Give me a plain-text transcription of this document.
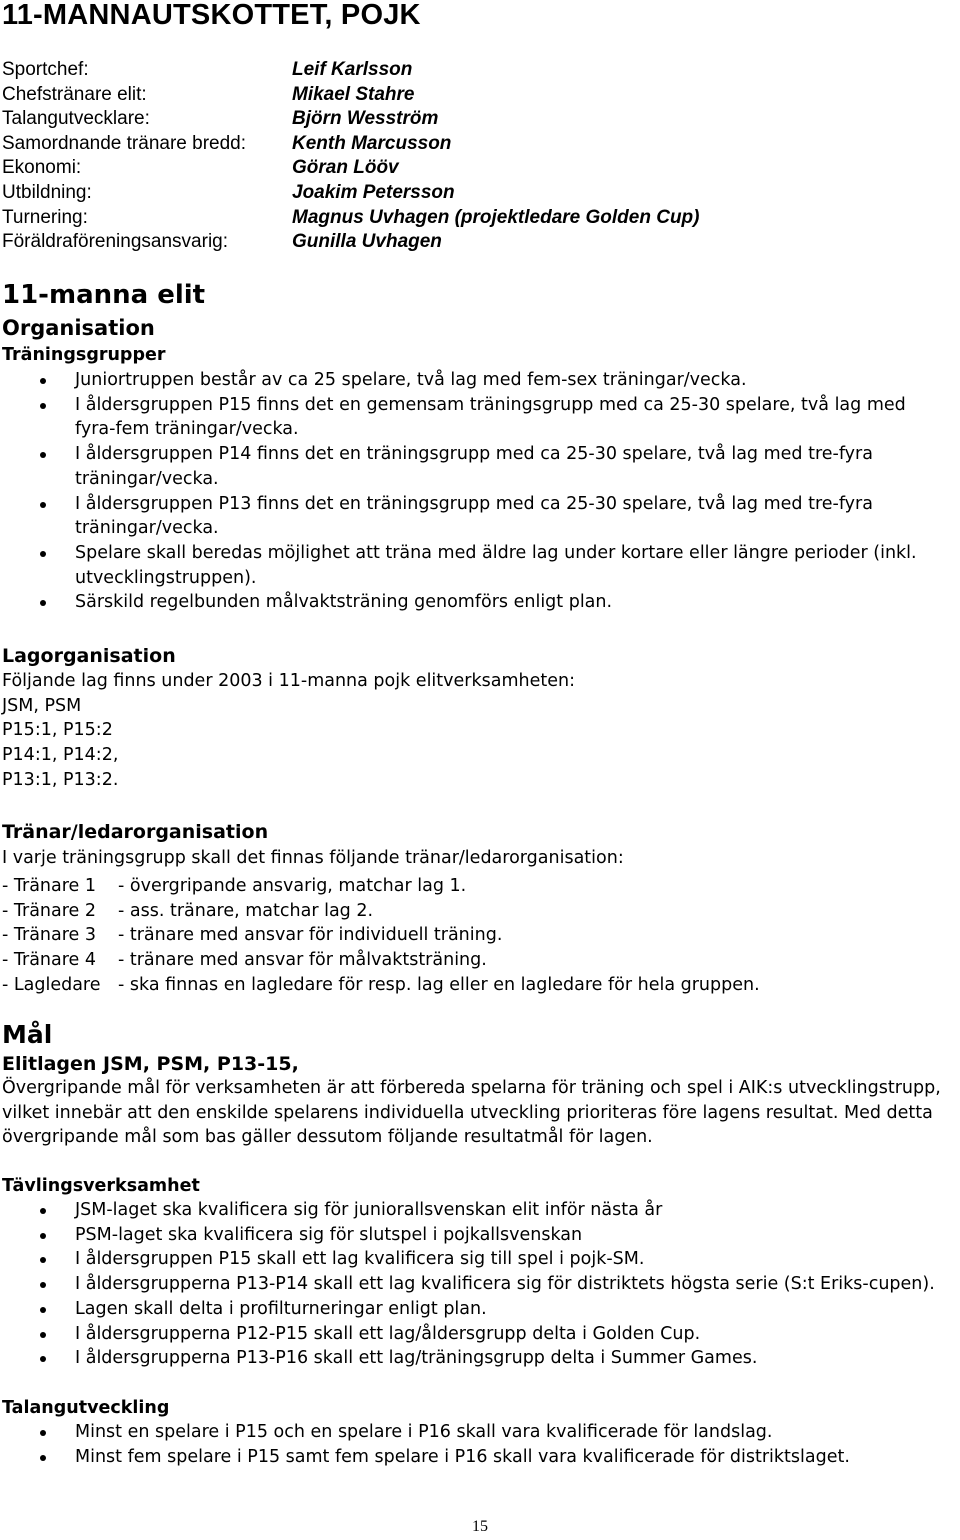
11-MANNAUTSKOTTET, POJK
Sportchef:	Leif Karlsson
Chefstränare elit:	Mikael Stahre
Talangutvecklare:	Björn Wesström
Samordnande tränare bredd: Kenth Marcusson
Ekonomi:	Göran Lööv
Utbildning:	Joakim Petersson
Turnering:	Magnus Uvhagen (projektledare Golden Cup)
Föräldraföreningsansvarig:	Gunilla Uvhagen
11-manna elit
Organisation
Träningsgrupper
Juniortruppen består av ca 25 spelare, två lag med fem-sex träningar/vecka.
I åldersgruppen P15 finns det en gemensam träningsgrupp med ca 25-30 spelare, två lag med fyra-fem träningar/vecka.
I åldersgruppen P14 finns det en träningsgrupp med ca 25-30 spelare, två lag med tre-fyra träningar/vecka.
I åldersgruppen P13 finns det en träningsgrupp med ca 25-30 spelare, två lag med tre-fyra träningar/vecka.
Spelare skall beredas möjlighet att träna med äldre lag under kortare eller längre perioder (inkl. utvecklingstruppen).
Särskild regelbunden målvaktsträning genomförs enligt plan.
Lagorganisation
Följande lag finns under 2003 i 11-manna pojk elitverksamheten:
JSM, PSM
P15:1, P15:2
P14:1, P14:2,
P13:1, P13:2.
Tränar/ledarorganisation
I varje träningsgrupp skall det finnas följande tränar/ledarorganisation:
- Tränare 1 - övergripande ansvarig, matchar lag 1.
- Tränare 2 - ass. tränare, matchar lag 2.
- Tränare 3 - tränare med ansvar för individuell träning.
- Tränare 4 - tränare med ansvar för målvaktsträning.
- Lagledare - ska finnas en lagledare för resp. lag eller en lagledare för hela gruppen.
Mål
Elitlagen JSM, PSM, P13-15,
Övergripande mål för verksamheten är att förbereda spelarna för träning och spel i AIK:s utvecklingstrupp, vilket innebär att den enskilde spelarens individuella utveckling prioriteras före lagens resultat. Med detta övergripande mål som bas gäller dessutom följande resultatmål för lagen.
Tävlingsverksamhet
JSM-laget ska kvalificera sig för juniorallsvenskan elit inför nästa år
PSM-laget ska kvalificera sig för slutspel i pojkallsvenskan
I åldersgruppen P15 skall ett lag kvalificera sig till spel i pojk-SM.
I åldersgrupperna P13-P14 skall ett lag kvalificera sig för distriktets högsta serie (S:t Eriks-cupen).
Lagen skall delta i profilturneringar enligt plan.
I åldersgrupperna P12-P15 skall ett lag/åldersgrupp delta i Golden Cup.
I åldersgrupperna P13-P16 skall ett lag/träningsgrupp delta i Summer Games.
Talangutveckling
Minst en spelare i P15 och en spelare i P16 skall vara kvalificerade för landslag.
Minst fem spelare i P15 samt fem spelare i P16 skall vara kvalificerade för distriktslaget.
15
